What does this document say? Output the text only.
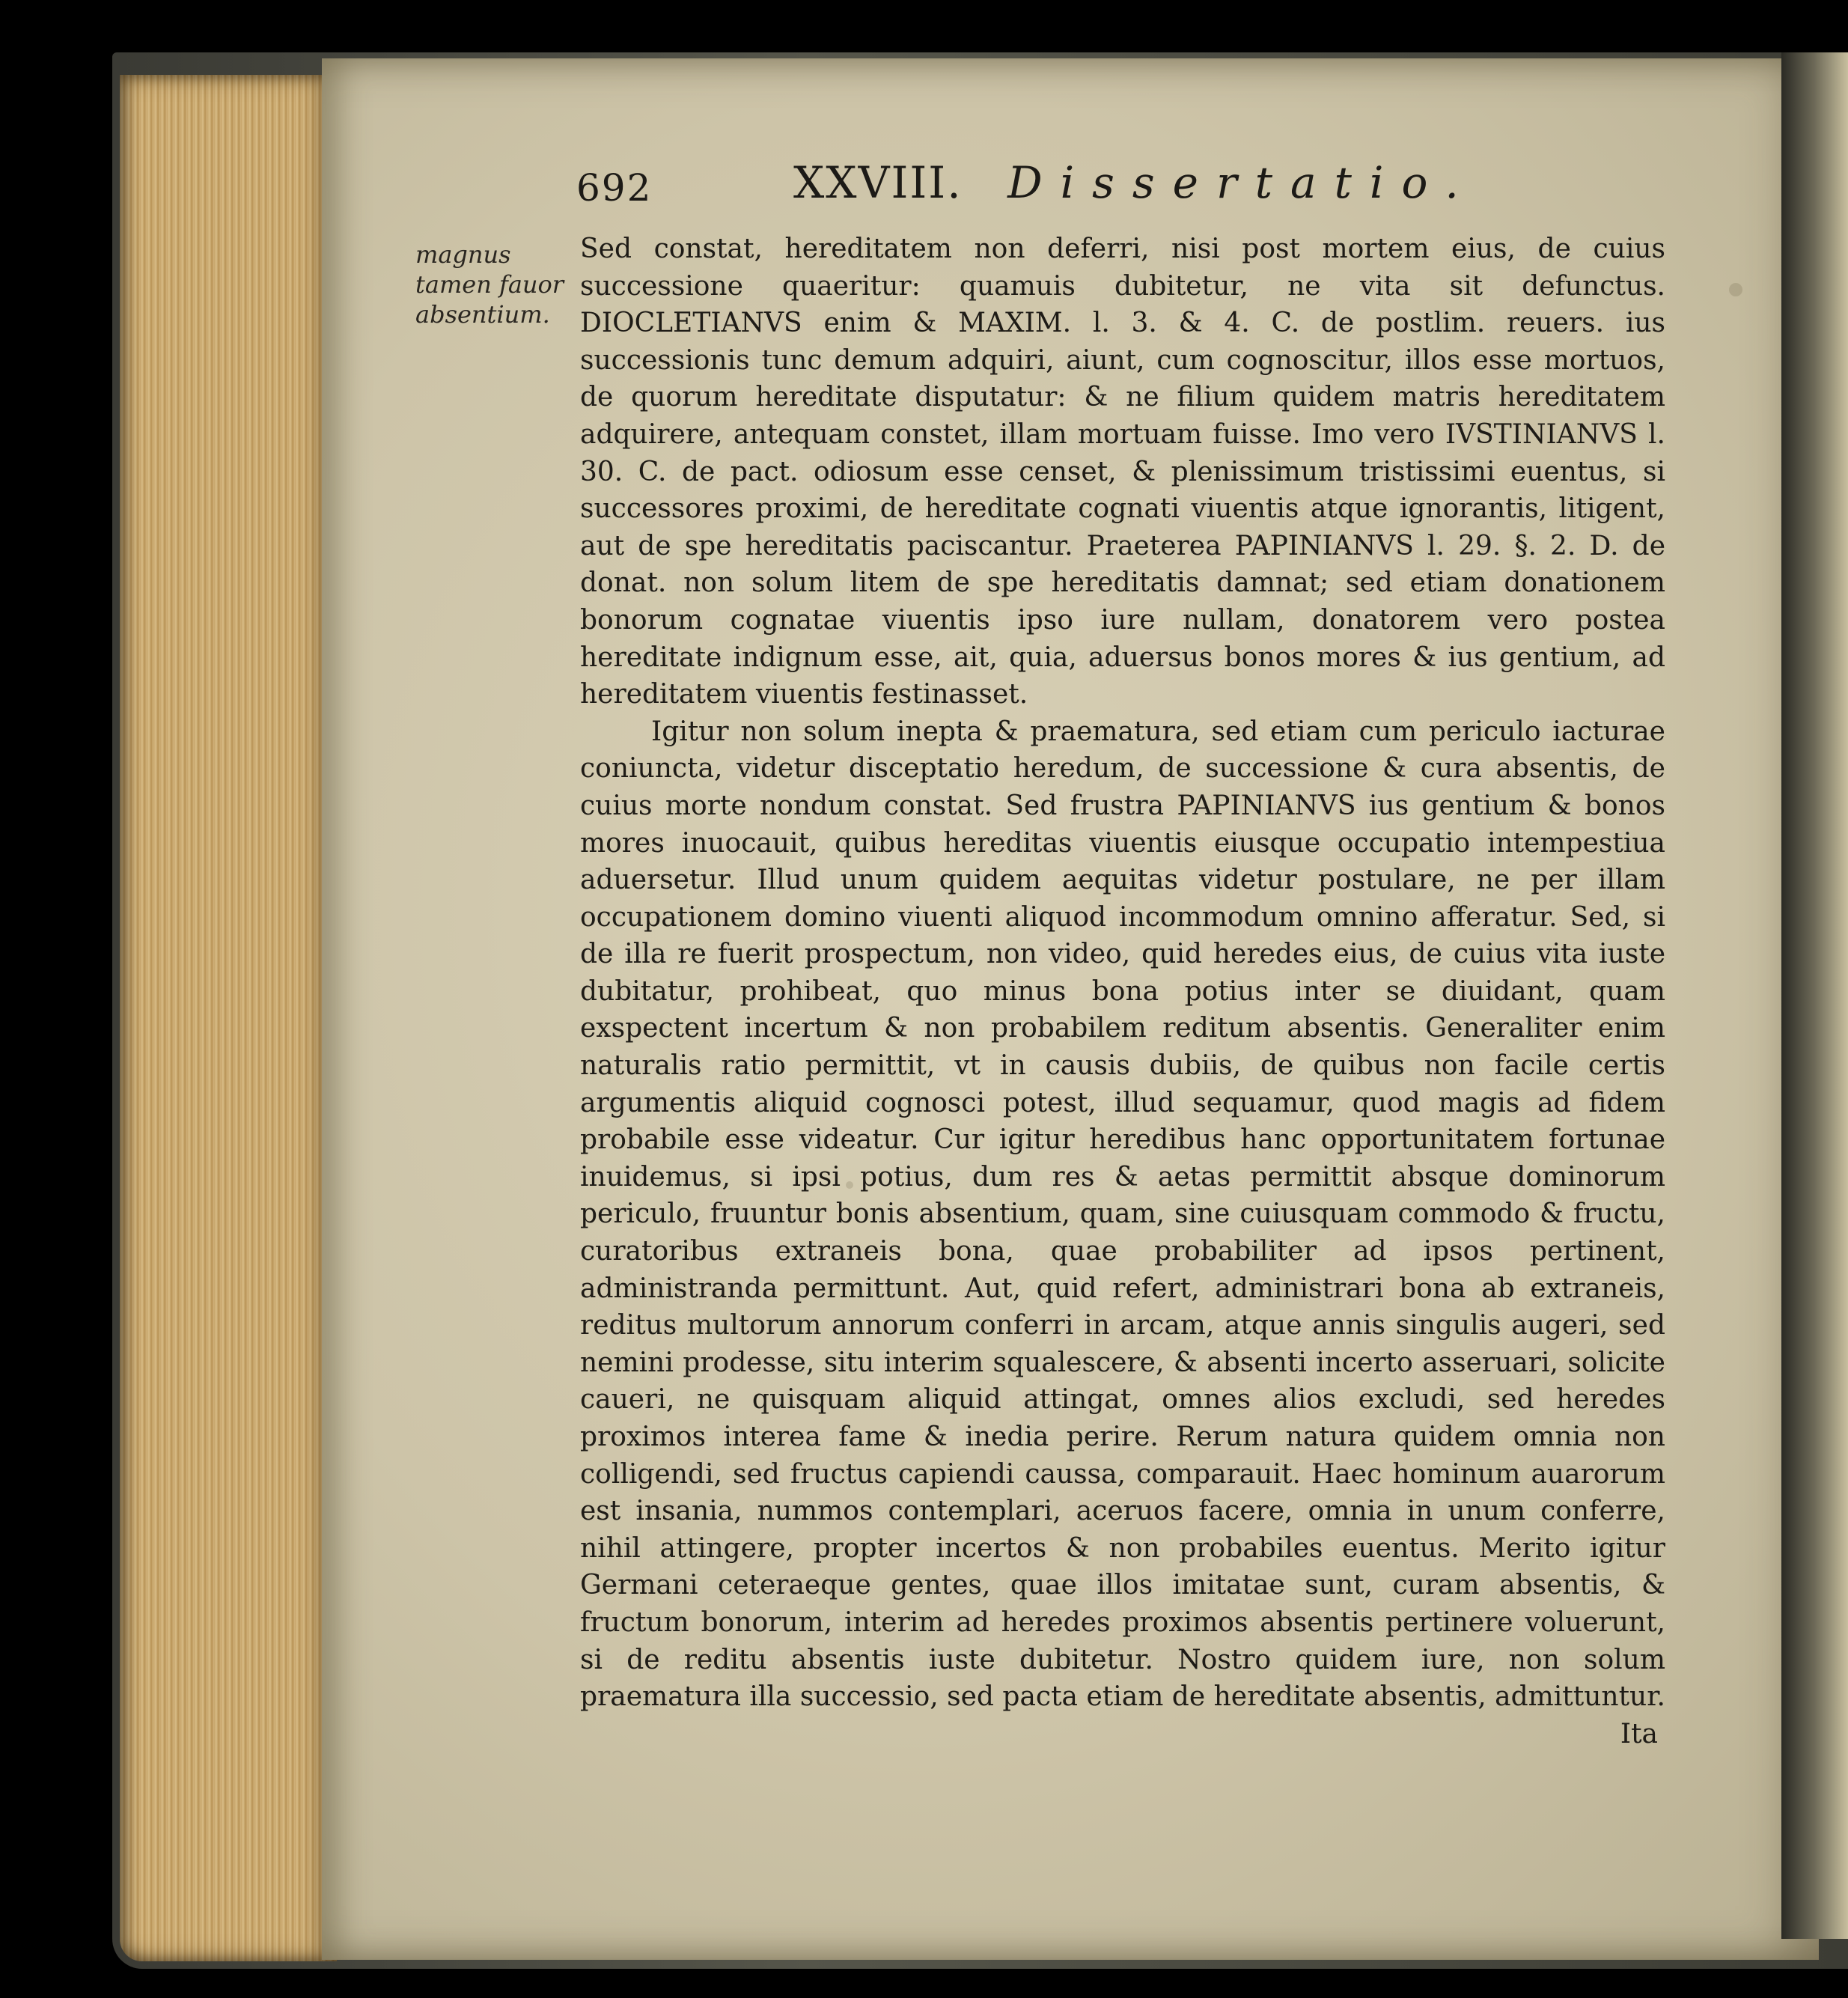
692	XXVIII. Dissertatio.
magnus tamen fauor absentium.

Sed constat, hereditatem non deferri, nisi post mortem eius, de cuius successione quaeritur: quamuis dubitetur, ne vita sit defunctus. DIOCLETIANVS enim & MAXIM. l. 3. & 4. C. de postlim. reuers. ius successionis tunc demum adquiri, aiunt, cum cognoscitur, illos esse mortuos, de quorum hereditate disputatur: & ne filium quidem matris hereditatem adquirere, antequam constet, illam mortuam fuisse. Imo vero IVSTINIANVS l. 30. C. de pact. odiosum esse censet, & plenissimum tristissimi euentus, si successores proximi, de hereditate cognati viuentis atque ignorantis, litigent, aut de spe hereditatis paciscantur. Praeterea PAPINIANVS l. 29. §. 2. D. de donat. non solum litem de spe hereditatis damnat; sed etiam donationem bonorum cognatae viuentis ipso iure nullam, donatorem vero postea hereditate indignum esse, ait, quia, aduersus bonos mores & ius gentium, ad hereditatem viuentis festinasset.

Igitur non solum inepta & praematura, sed etiam cum periculo iacturae coniuncta, videtur disceptatio heredum, de successione & cura absentis, de cuius morte nondum constat. Sed frustra PAPINIANVS ius gentium & bonos mores inuocauit, quibus hereditas viuentis eiusque occupatio intempestiua aduersetur. Illud unum quidem aequitas videtur postulare, ne per illam occupationem domino viuenti aliquod incommodum omnino afferatur. Sed, si de illa re fuerit prospectum, non video, quid heredes eius, de cuius vita iuste dubitatur, prohibeat, quo minus bona potius inter se diuidant, quam exspectent incertum & non probabilem reditum absentis. Generaliter enim naturalis ratio permittit, vt in causis dubiis, de quibus non facile certis argumentis aliquid cognosci potest, illud sequamur, quod magis ad fidem probabile esse videatur. Cur igitur heredibus hanc opportunitatem fortunae inuidemus, si ipsi potius, dum res & aetas permittit absque dominorum periculo, fruuntur bonis absentium, quam, sine cuiusquam commodo & fructu, curatoribus extraneis bona, quae probabiliter ad ipsos pertinent, administranda permittunt. Aut, quid refert, administrari bona ab extraneis, reditus multorum annorum conferri in arcam, atque annis singulis augeri, sed nemini prodesse, situ interim squalescere, & absenti incerto asseruari, solicite caueri, ne quisquam aliquid attingat, omnes alios excludi, sed heredes proximos interea fame & inedia perire. Rerum natura quidem omnia non colligendi, sed fructus capiendi caussa, comparauit. Haec hominum auarorum est insania, nummos contemplari, aceruos facere, omnia in unum conferre, nihil attingere, propter incertos & non probabiles euentus. Merito igitur Germani ceteraeque gentes, quae illos imitatae sunt, curam absentis, & fructum bonorum, interim ad heredes proximos absentis pertinere voluerunt, si de reditu absentis iuste dubitetur. Nostro quidem iure, non solum praematura illa successio, sed pacta etiam de hereditate absentis, admittuntur.

Ita
